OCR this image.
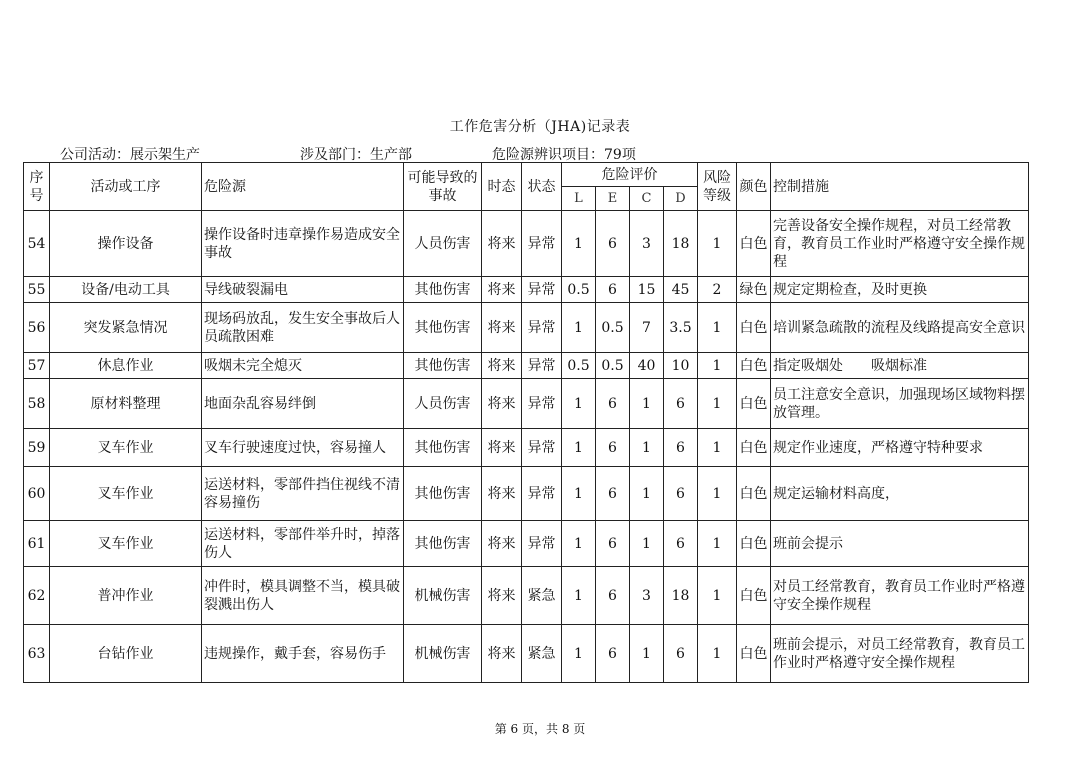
工作危害分析（JHA)记录表
公司活动：展示架生产	涉及部门：生产部	危险源辨识项目：79项
序号	活动或工序	危险源	可能导致的事故	时态	状态	危险评价				风险等级	颜色	控制措施
						L	E	C	D			
54	操作设备	操作设备时违章操作易造成安全事故	人员伤害	将来	异常	1	6	3	18	1	白色	完善设备安全操作规程，对员工经常教育，教育员工作业时严格遵守安全操作规程
55	设备/电动工具	导线破裂漏电	其他伤害	将来	异常	0.5	6	15	45	2	绿色	规定定期检查，及时更换
56	突发紧急情况	现场码放乱，发生安全事故后人员疏散困难	其他伤害	将来	异常	1	0.5	7	3.5	1	白色	培训紧急疏散的流程及线路提高安全意识
57	休息作业	吸烟未完全熄灭	其他伤害	将来	异常	0.5	0.5	40	10	1	白色	指定吸烟处　　吸烟标准
58	原材料整理	地面杂乱容易绊倒	人员伤害	将来	异常	1	6	1	6	1	白色	员工注意安全意识，加强现场区域物料摆放管理。
59	叉车作业	叉车行驶速度过快，容易撞人	其他伤害	将来	异常	1	6	1	6	1	白色	规定作业速度，严格遵守特种要求
60	叉车作业	运送材料，零部件挡住视线不清容易撞伤	其他伤害	将来	异常	1	6	1	6	1	白色	规定运输材料高度，
61	叉车作业	运送材料，零部件举升时，掉落伤人	其他伤害	将来	异常	1	6	1	6	1	白色	班前会提示
62	普冲作业	冲件时，模具调整不当，模具破裂溅出伤人	机械伤害	将来	紧急	1	6	3	18	1	白色	对员工经常教育，教育员工作业时严格遵守安全操作规程
63	台钻作业	违规操作，戴手套，容易伤手	机械伤害	将来	紧急	1	6	1	6	1	白色	班前会提示，对员工经常教育，教育员工作业时严格遵守安全操作规程
第 6 页，共 8 页
